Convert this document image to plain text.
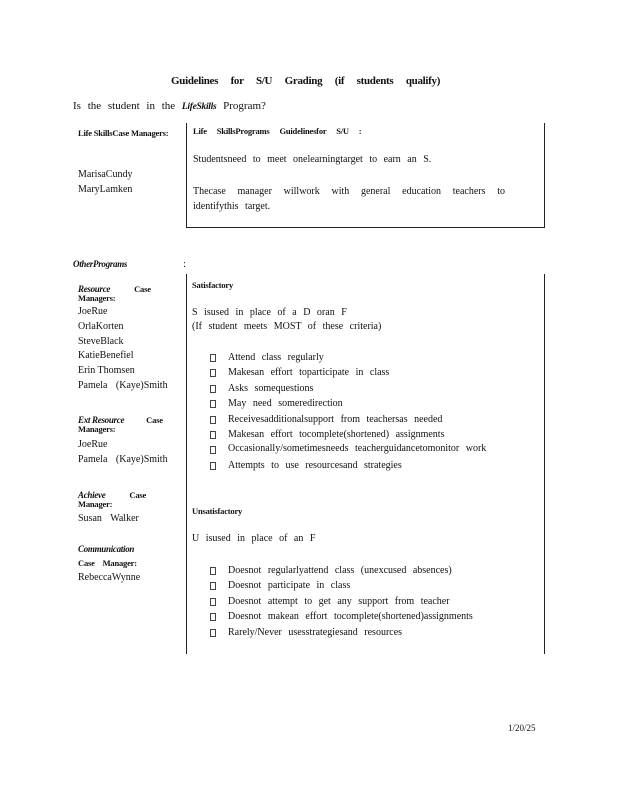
Guidelines for S/U Grading (if students qualify)
Is the student in the LifeSkills Program?
Life SkillsCase Managers:
MarisaCundy
MaryLamken
Life SkillsPrograms Guidelinesfor S/U :
Studentsneed to meet onelearningtarget to earn an S.
Thecase manager willwork with general education teachers to identifythis target.
OtherPrograms	:
Resource	Case
Managers:
JoeRue
OrlaKorten
SteveBlack
KatieBenefiel
Erin Thomsen
Pamela (Kaye)Smith
Ext Resource	Case
Managers:
JoeRue
Pamela (Kaye)Smith
Achieve	Case
Manager:
Susan Walker
Communication
Case Manager:
RebeccaWynne
Satisfactory
S isused in place of a D oran F
(If student meets MOST of these criteria)
Attend class regularly
Makesan effort toparticipate in class
Asks somequestions
May need someredirection
Receivesadditionalsupport from teachersas needed
Makesan effort tocomplete(shortened) assignments
Occasionally/sometimesneeds teacherguidancetomonitor work
Attempts to use resourcesand strategies
Unsatisfactory
U isused in place of an F
Doesnot regularlyattend class (unexcused absences)
Doesnot participate in class
Doesnot attempt to get any support from teacher
Doesnot makean effort tocomplete(shortened)assignments
Rarely/Never usesstrategiesand resources
1/20/25
